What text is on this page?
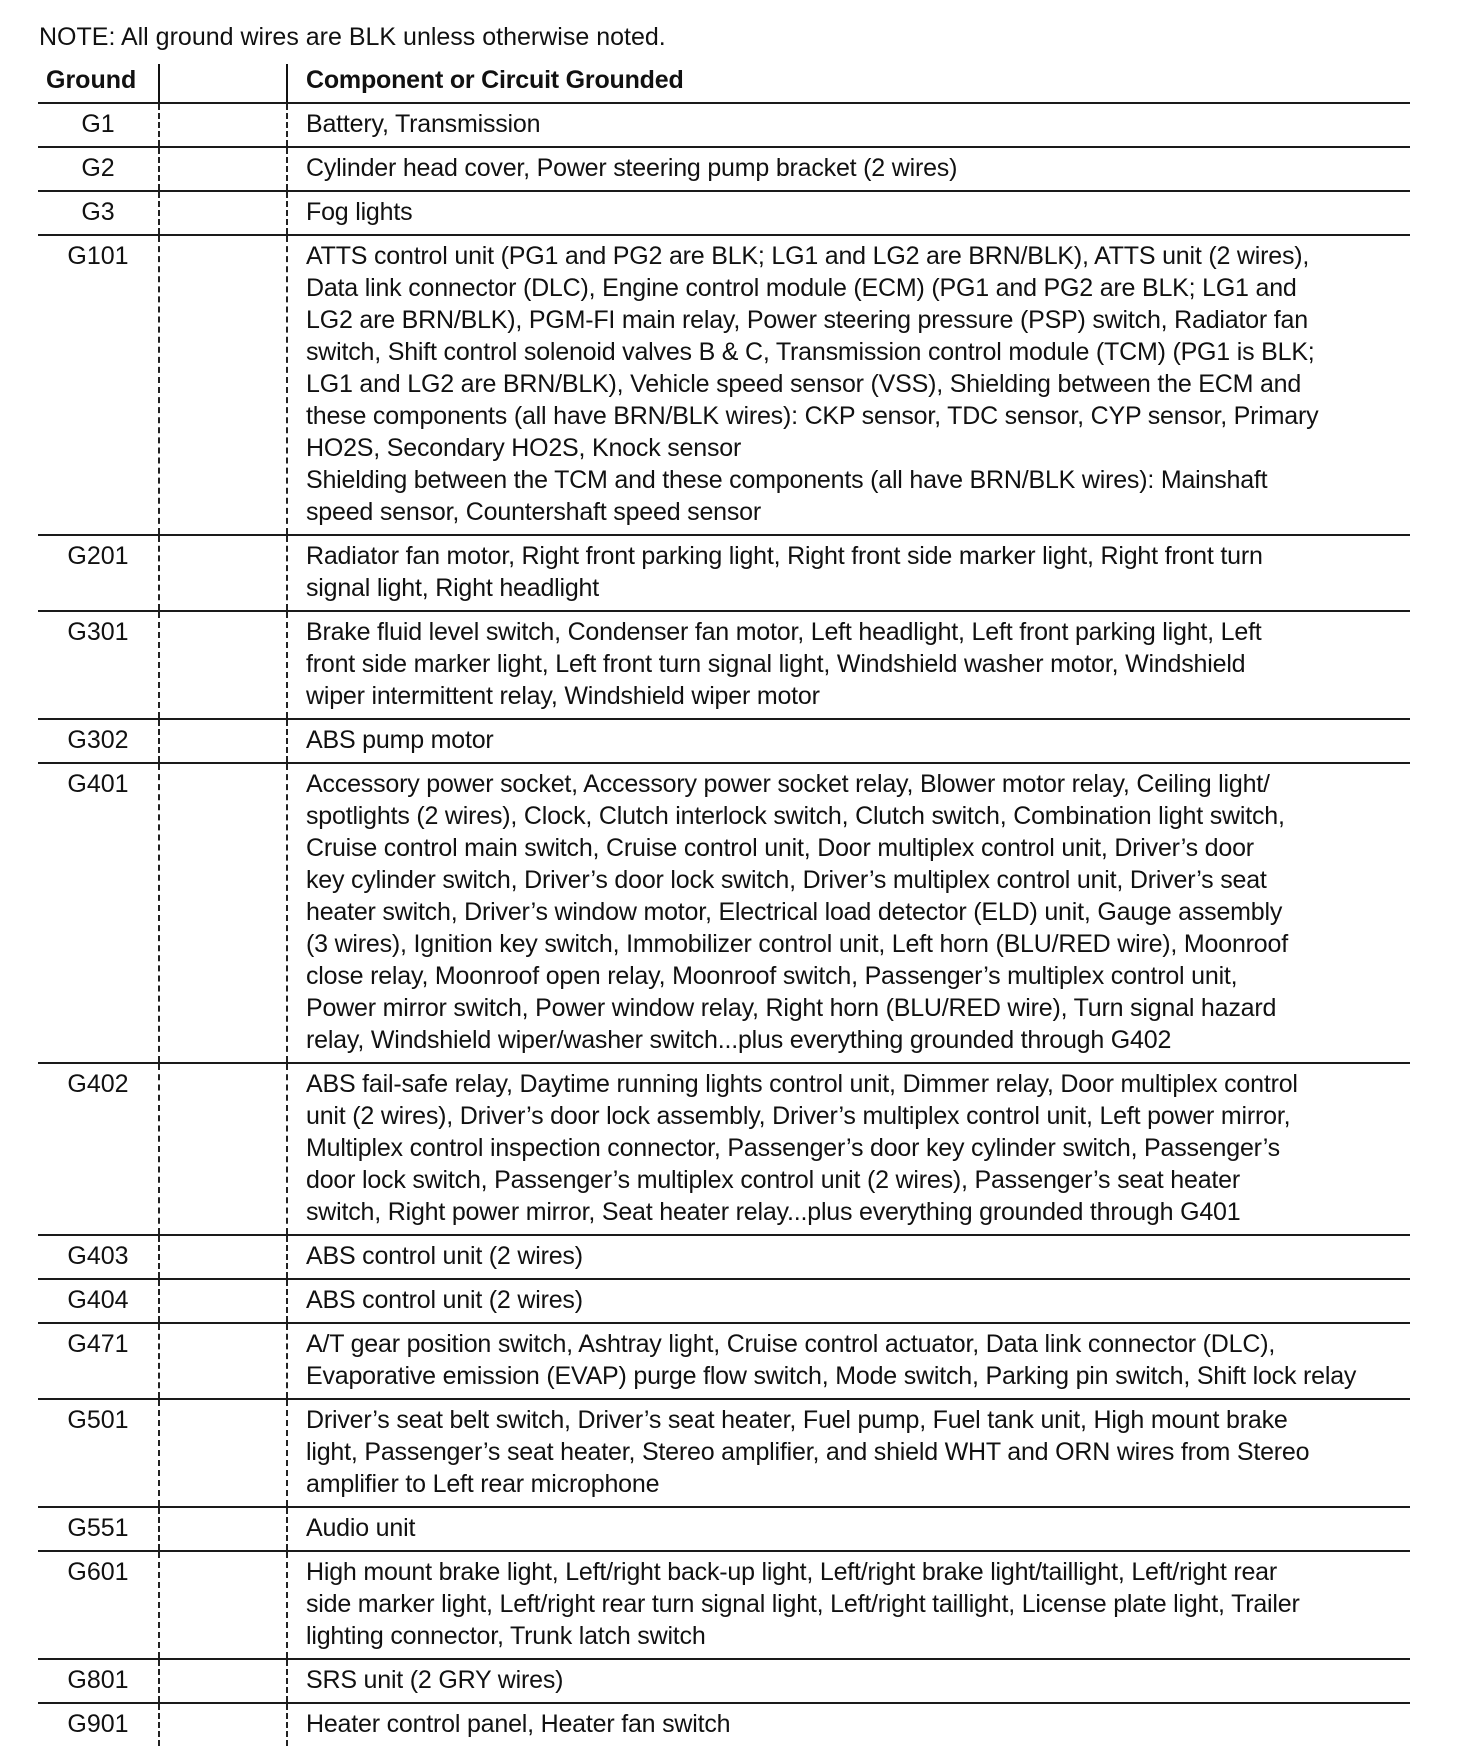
NOTE: All ground wires are BLK unless otherwise noted.
Ground	Component or Circuit Grounded
G1	Battery, Transmission
G2	Cylinder head cover, Power steering pump bracket (2 wires)
G3	Fog lights
G101	ATTS control unit (PG1 and PG2 are BLK; LG1 and LG2 are BRN/BLK), ATTS unit (2 wires),
Data link connector (DLC), Engine control module (ECM) (PG1 and PG2 are BLK; LG1 and
LG2 are BRN/BLK), PGM-FI main relay, Power steering pressure (PSP) switch, Radiator fan
switch, Shift control solenoid valves B & C, Transmission control module (TCM) (PG1 is BLK;
LG1 and LG2 are BRN/BLK), Vehicle speed sensor (VSS), Shielding between the ECM and
these components (all have BRN/BLK wires): CKP sensor, TDC sensor, CYP sensor, Primary
HO2S, Secondary HO2S, Knock sensor
Shielding between the TCM and these components (all have BRN/BLK wires): Mainshaft
speed sensor, Countershaft speed sensor
G201	Radiator fan motor, Right front parking light, Right front side marker light, Right front turn
signal light, Right headlight
G301	Brake fluid level switch, Condenser fan motor, Left headlight, Left front parking light, Left
front side marker light, Left front turn signal light, Windshield washer motor, Windshield
wiper intermittent relay, Windshield wiper motor
G302	ABS pump motor
G401	Accessory power socket, Accessory power socket relay, Blower motor relay, Ceiling light/
spotlights (2 wires), Clock, Clutch interlock switch, Clutch switch, Combination light switch,
Cruise control main switch, Cruise control unit, Door multiplex control unit, Driver’s door
key cylinder switch, Driver’s door lock switch, Driver’s multiplex control unit, Driver’s seat
heater switch, Driver’s window motor, Electrical load detector (ELD) unit, Gauge assembly
(3 wires), Ignition key switch, Immobilizer control unit, Left horn (BLU/RED wire), Moonroof
close relay, Moonroof open relay, Moonroof switch, Passenger’s multiplex control unit,
Power mirror switch, Power window relay, Right horn (BLU/RED wire), Turn signal hazard
relay, Windshield wiper/washer switch...plus everything grounded through G402
G402	ABS fail-safe relay, Daytime running lights control unit, Dimmer relay, Door multiplex control
unit (2 wires), Driver’s door lock assembly, Driver’s multiplex control unit, Left power mirror,
Multiplex control inspection connector, Passenger’s door key cylinder switch, Passenger’s
door lock switch, Passenger’s multiplex control unit (2 wires), Passenger’s seat heater
switch, Right power mirror, Seat heater relay...plus everything grounded through G401
G403	ABS control unit (2 wires)
G404	ABS control unit (2 wires)
G471	A/T gear position switch, Ashtray light, Cruise control actuator, Data link connector (DLC),
Evaporative emission (EVAP) purge flow switch, Mode switch, Parking pin switch, Shift lock relay
G501	Driver’s seat belt switch, Driver’s seat heater, Fuel pump, Fuel tank unit, High mount brake
light, Passenger’s seat heater, Stereo amplifier, and shield WHT and ORN wires from Stereo
amplifier to Left rear microphone
G551	Audio unit
G601	High mount brake light, Left/right back-up light, Left/right brake light/taillight, Left/right rear
side marker light, Left/right rear turn signal light, Left/right taillight, License plate light, Trailer
lighting connector, Trunk latch switch
G801	SRS unit (2 GRY wires)
G901	Heater control panel, Heater fan switch
